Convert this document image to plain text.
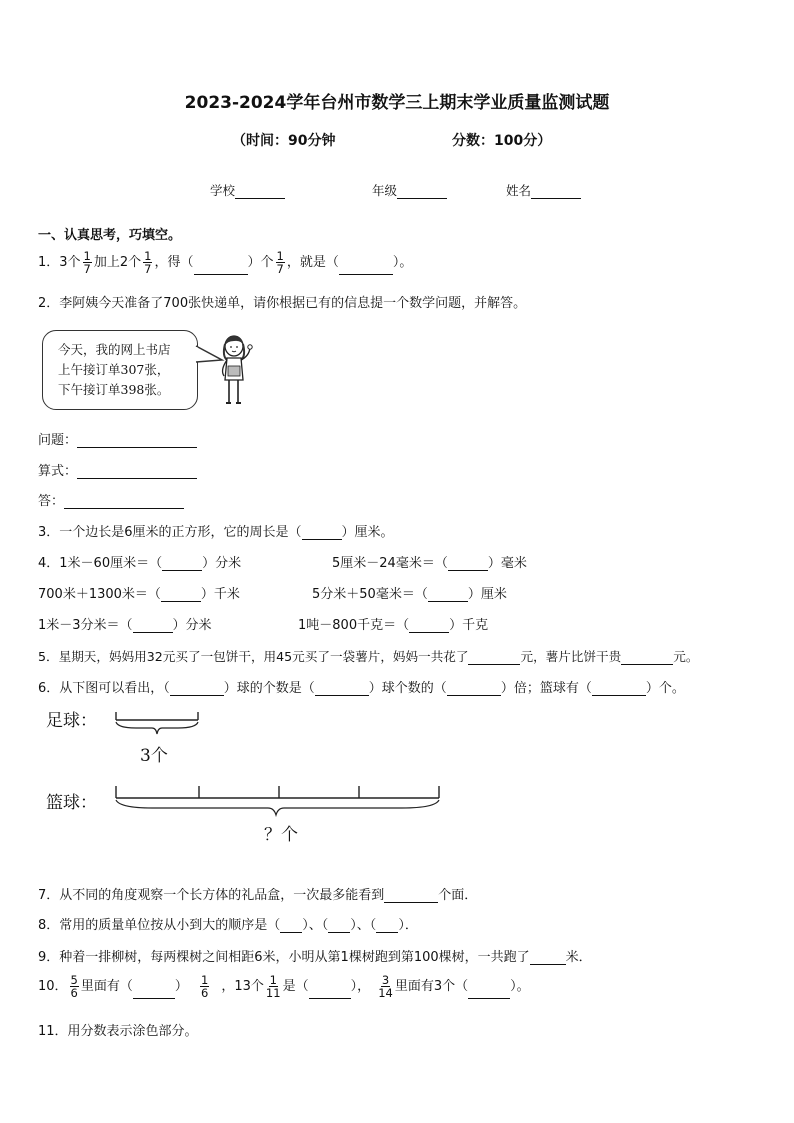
2023-2024学年台州市数学三上期末学业质量监测试题
（时间：90分钟	分数：100分）
学校	年级	姓名
一、认真思考，巧填空。
1．3个 $\frac{1}{7}$ 加上2个 $\frac{1}{7}$ ，得（	）个 $\frac{1}{7}$ ，就是（	）。
2．李阿姨今天准备了700张快递单，请你根据已有的信息提一个数学问题，并解答。
今天，我的网上书店
上午接订单307张，
下午接订单398张。
问题：
算式：
答：
3．一个边长是6厘米的正方形，它的周长是（	）厘米。
4．1米－60厘米＝（	）分米	5厘米－24毫米＝（	）毫米
700米＋1300米＝（	）千米	5分米＋50毫米＝（	）厘米
1米－3分米＝（	）分米	1吨－800千克＝（	）千克
5．星期天，妈妈用32元买了一包饼干，用45元买了一袋薯片，妈妈一共花了	元，薯片比饼干贵	元。
6．从下图可以看出，（	）球的个数是（	）球个数的（	）倍；篮球有（	）个。
足球：
3个
篮球：
？个
7．从不同的角度观察一个长方体的礼品盒，一次最多能看到	个面．
8．常用的质量单位按从小到大的顺序是（ ）、（ ）、（ ）．
9．种着一排柳树，每两棵树之间相距6米，小明从第1棵树跑到第100棵树，一共跑了	米．
10． $\frac{5}{6}$ 里面有（	） $\frac{1}{6}$ ，13个 $\frac{1}{11}$ 是（	）， $\frac{3}{14}$ 里面有3个（	）。
11．用分数表示涂色部分。
